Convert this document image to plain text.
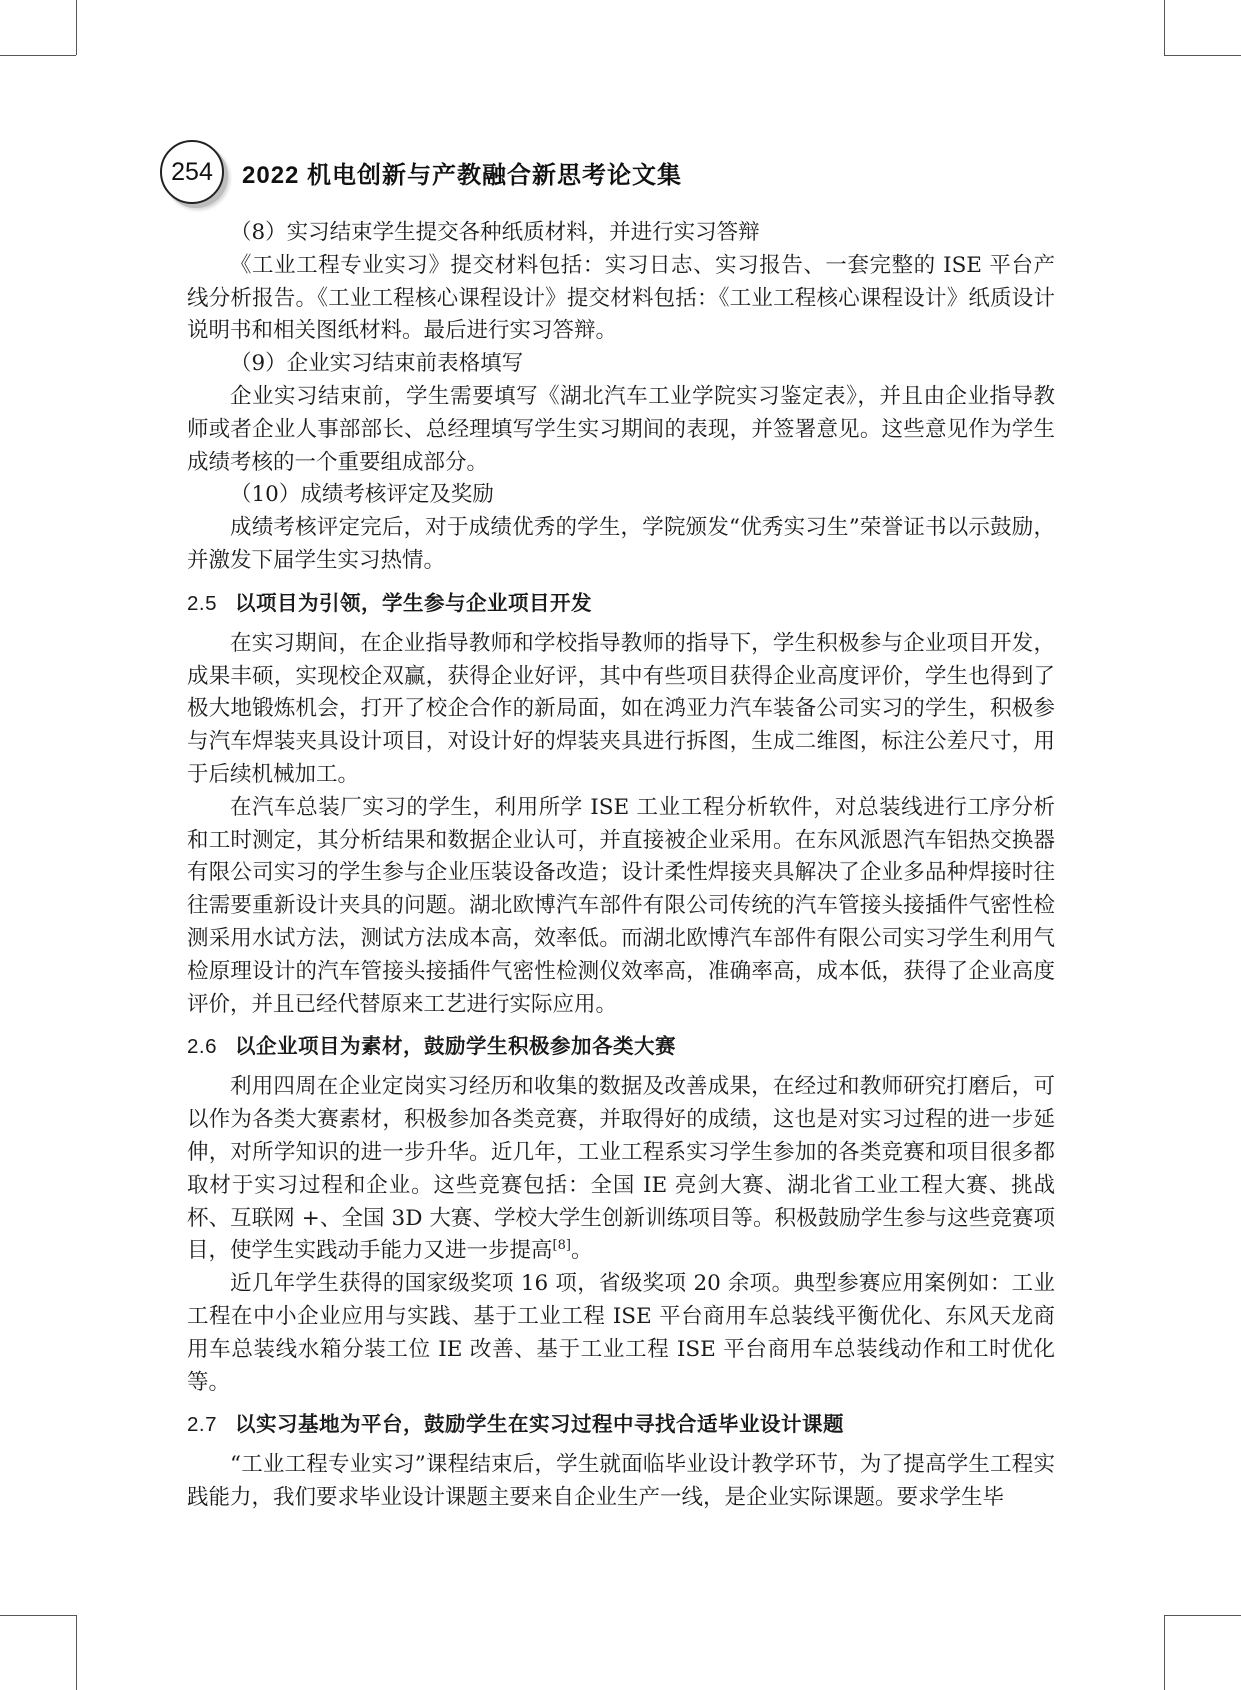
254 2022 机电创新与产教融合新思考论文集

（8）实习结束学生提交各种纸质材料，并进行实习答辩

《工业工程专业实习》提交材料包括：实习日志、实习报告、一套完整的 ISE 平台产线分析报告。《工业工程核心课程设计》提交材料包括：《工业工程核心课程设计》纸质设计说明书和相关图纸材料。最后进行实习答辩。

（9）企业实习结束前表格填写

企业实习结束前，学生需要填写《湖北汽车工业学院实习鉴定表》，并且由企业指导教师或者企业人事部部长、总经理填写学生实习期间的表现，并签署意见。这些意见作为学生成绩考核的一个重要组成部分。

（10）成绩考核评定及奖励

成绩考核评定完后，对于成绩优秀的学生，学院颁发“优秀实习生”荣誉证书以示鼓励，并激发下届学生实习热情。

2.5 以项目为引领，学生参与企业项目开发

在实习期间，在企业指导教师和学校指导教师的指导下，学生积极参与企业项目开发，成果丰硕，实现校企双赢，获得企业好评，其中有些项目获得企业高度评价，学生也得到了极大地锻炼机会，打开了校企合作的新局面，如在鸿亚力汽车装备公司实习的学生，积极参与汽车焊装夹具设计项目，对设计好的焊装夹具进行拆图，生成二维图，标注公差尺寸，用于后续机械加工。

在汽车总装厂实习的学生，利用所学 ISE 工业工程分析软件，对总装线进行工序分析和工时测定，其分析结果和数据企业认可，并直接被企业采用。在东风派恩汽车铝热交换器有限公司实习的学生参与企业压装设备改造；设计柔性焊接夹具解决了企业多品种焊接时往往需要重新设计夹具的问题。湖北欧博汽车部件有限公司传统的汽车管接头接插件气密性检测采用水试方法，测试方法成本高，效率低。而湖北欧博汽车部件有限公司实习学生利用气检原理设计的汽车管接头接插件气密性检测仪效率高，准确率高，成本低，获得了企业高度评价，并且已经代替原来工艺进行实际应用。

2.6 以企业项目为素材，鼓励学生积极参加各类大赛

利用四周在企业定岗实习经历和收集的数据及改善成果，在经过和教师研究打磨后，可以作为各类大赛素材，积极参加各类竞赛，并取得好的成绩，这也是对实习过程的进一步延伸，对所学知识的进一步升华。近几年，工业工程系实习学生参加的各类竞赛和项目很多都取材于实习过程和企业。这些竞赛包括：全国 IE 亮剑大赛、湖北省工业工程大赛、挑战杯、互联网 +、全国 3D 大赛、学校大学生创新训练项目等。积极鼓励学生参与这些竞赛项目，使学生实践动手能力又进一步提高[8]。

近几年学生获得的国家级奖项 16 项，省级奖项 20 余项。典型参赛应用案例如：工业工程在中小企业应用与实践、基于工业工程 ISE 平台商用车总装线平衡优化、东风天龙商用车总装线水箱分装工位 IE 改善、基于工业工程 ISE 平台商用车总装线动作和工时优化等。

2.7 以实习基地为平台，鼓励学生在实习过程中寻找合适毕业设计课题

“工业工程专业实习”课程结束后，学生就面临毕业设计教学环节，为了提高学生工程实践能力，我们要求毕业设计课题主要来自企业生产一线，是企业实际课题。要求学生毕
